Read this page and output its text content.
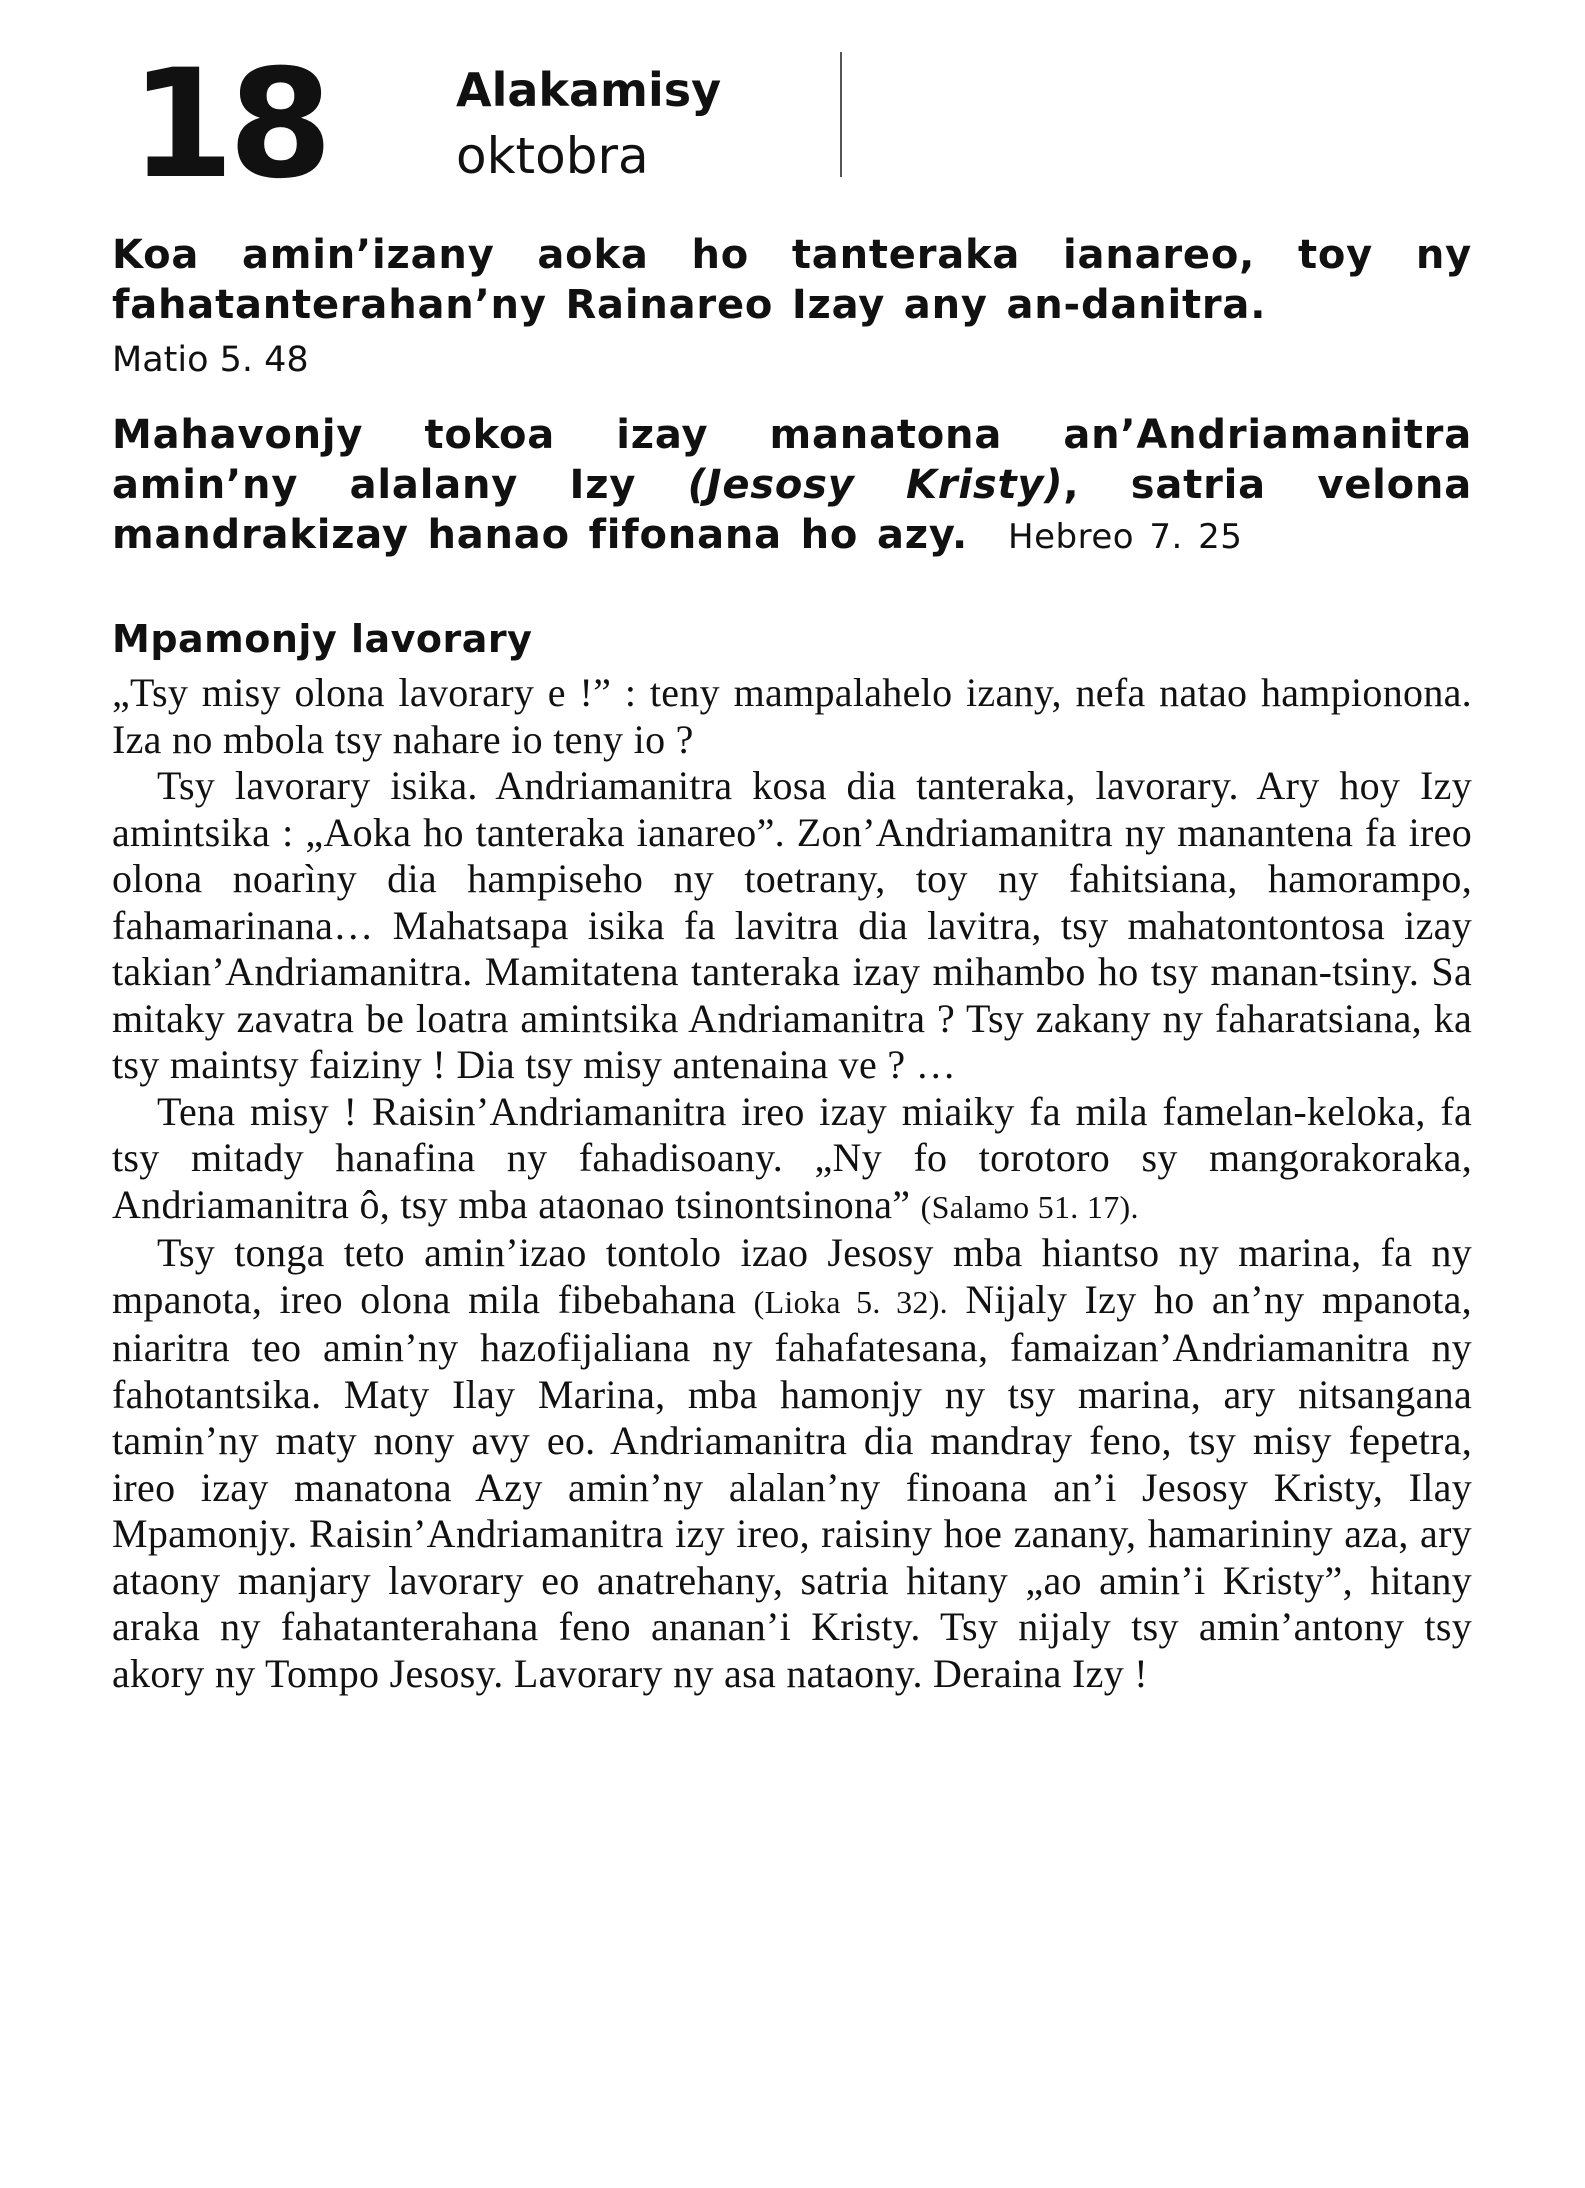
18	Alakamisy
oktobra
Koa amin’izany aoka ho tanteraka ianareo, toy ny fahatanterahan’ny Rainareo Izay any an-danitra.
Matio 5. 48
Mahavonjy tokoa izay manatona an’Andriamanitra amin’ny alalany Izy (Jesosy Kristy), satria velona mandrakizay hanao fifonana ho azy. Hebreo 7. 25
Mpamonjy lavorary

„Tsy misy olona lavorary e !” : teny mampalahelo izany, nefa natao hampionona. Iza no mbola tsy nahare io teny io ?

Tsy lavorary isika. Andriamanitra kosa dia tanteraka, lavorary. Ary hoy Izy amintsika : „Aoka ho tanteraka ianareo”. Zon’Andriamanitra ny manantena fa ireo olona noarìny dia hampiseho ny toetrany, toy ny fahitsiana, hamorampo, fahamarinana… Mahatsapa isika fa lavitra dia lavitra, tsy mahatontontosa izay takian’Andriamanitra. Mamitatena tanteraka izay mihambo ho tsy manan-tsiny. Sa mitaky zavatra be loatra amintsika Andriamanitra ? Tsy zakany ny faharatsiana, ka tsy maintsy faiziny ! Dia tsy misy antenaina ve ? …

Tena misy ! Raisin’Andriamanitra ireo izay miaiky fa mila famelan-keloka, fa tsy mitady hanafina ny fahadisoany. „Ny fo torotoro sy mangorakoraka, Andriamanitra ô, tsy mba ataonao tsinontsinona” (Salamo 51. 17).

Tsy tonga teto amin’izao tontolo izao Jesosy mba hiantso ny marina, fa ny mpanota, ireo olona mila fibebahana (Lioka 5. 32). Nijaly Izy ho an’ny mpanota, niaritra teo amin’ny hazofijaliana ny fahafatesana, famaizan’Andriamanitra ny fahotantsika. Maty Ilay Marina, mba hamonjy ny tsy marina, ary nitsangana tamin’ny maty nony avy eo. Andriamanitra dia mandray feno, tsy misy fepetra, ireo izay manatona Azy amin’ny alalan’ny finoana an’i Jesosy Kristy, Ilay Mpamonjy. Raisin’Andriamanitra izy ireo, raisiny hoe zanany, hamarininy aza, ary ataony manjary lavorary eo anatrehany, satria hitany „ao amin’i Kristy”, hitany araka ny fahatanterahana feno ananan’i Kristy. Tsy nijaly tsy amin’antony tsy akory ny Tompo Jesosy. Lavorary ny asa nataony. Deraina Izy !
